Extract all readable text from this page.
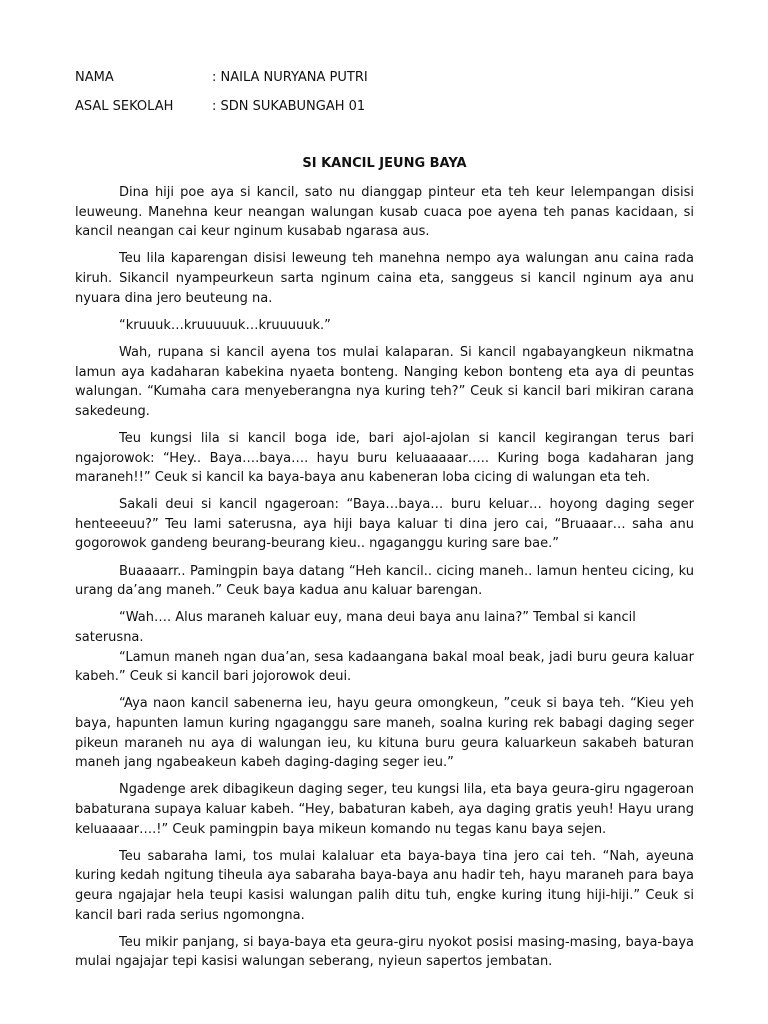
NAMA	: NAILA NURYANA PUTRI
ASAL SEKOLAH	: SDN SUKABUNGAH 01
SI KANCIL JEUNG BAYA

Dina hiji poe aya si kancil, sato nu dianggap pinteur eta teh keur lelempangan disisi leuweung. Manehna keur neangan walungan kusab cuaca poe ayena teh panas kacidaan, si kancil neangan cai keur nginum kusabab ngarasa aus.

Teu lila kaparengan disisi leweung teh manehna nempo aya walungan anu caina rada kiruh. Sikancil nyampeurkeun sarta nginum caina eta, sanggeus si kancil nginum aya anu nyuara dina jero beuteung na.

“kruuuk…kruuuuuk…kruuuuuk.”

Wah, rupana si kancil ayena tos mulai kalaparan. Si kancil ngabayangkeun nikmatna lamun aya kadaharan kabekina nyaeta bonteng. Nanging kebon bonteng eta aya di peuntas walungan. “Kumaha cara menyeberangna nya kuring teh?” Ceuk si kancil bari mikiran carana sakedeung.

Teu kungsi lila si kancil boga ide, bari ajol-ajolan si kancil kegirangan terus bari ngajorowok: “Hey.. Baya….baya…. hayu buru keluaaaaar….. Kuring boga kadaharan jang maraneh!!” Ceuk si kancil ka baya-baya anu kabeneran loba cicing di walungan eta teh.

Sakali deui si kancil ngageroan: “Baya…baya… buru keluar… hoyong daging seger henteeeuu?” Teu lami saterusna, aya hiji baya kaluar ti dina jero cai, “Bruaaar… saha anu gogorowok gandeng beurang-beurang kieu.. ngaganggu kuring sare bae.”

Buaaaarr.. Pamingpin baya datang “Heh kancil.. cicing maneh.. lamun henteu cicing, ku urang da’ang maneh.” Ceuk baya kadua anu kaluar barengan.

“Wah…. Alus maraneh kaluar euy, mana deui baya anu laina?” Tembal si kancil saterusna.

“Lamun maneh ngan dua’an, sesa kadaangana bakal moal beak, jadi buru geura kaluar kabeh.” Ceuk si kancil bari jojorowok deui.

“Aya naon kancil sabenerna ieu, hayu geura omongkeun, ”ceuk si baya teh. “Kieu yeh baya, hapunten lamun kuring ngaganggu sare maneh, soalna kuring rek babagi daging seger pikeun maraneh nu aya di walungan ieu, ku kituna buru geura kaluarkeun sakabeh baturan maneh jang ngabeakeun kabeh daging-daging seger ieu.”

Ngadenge arek dibagikeun daging seger, teu kungsi lila, eta baya geura-giru ngageroan babaturana supaya kaluar kabeh. “Hey, babaturan kabeh, aya daging gratis yeuh! Hayu urang keluaaaar….!” Ceuk pamingpin baya mikeun komando nu tegas kanu baya sejen.

Teu sabaraha lami, tos mulai kalaluar eta baya-baya tina jero cai teh. “Nah, ayeuna kuring kedah ngitung tiheula aya sabaraha baya-baya anu hadir teh, hayu maraneh para baya geura ngajajar hela teupi kasisi walungan palih ditu tuh, engke kuring itung hiji-hiji.” Ceuk si kancil bari rada serius ngomongna.

Teu mikir panjang, si baya-baya eta geura-giru nyokot posisi masing-masing, baya-baya mulai ngajajar tepi kasisi walungan seberang, nyieun sapertos jembatan.
